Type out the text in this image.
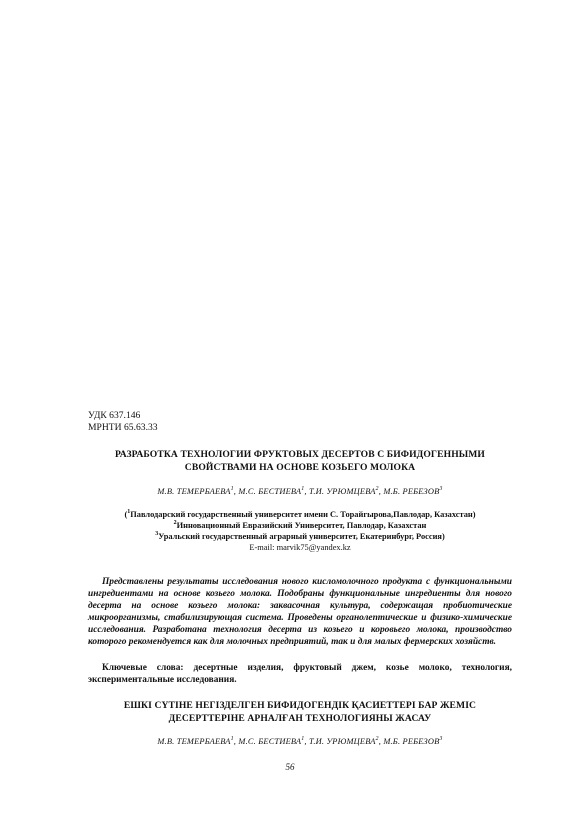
УДК 637.146
МРНТИ 65.63.33
РАЗРАБОТКА ТЕХНОЛОГИИ ФРУКТОВЫХ ДЕСЕРТОВ С БИФИДОГЕННЫМИ
СВОЙСТВАМИ НА ОСНОВЕ КОЗЬЕГО МОЛОКА
М.В. ТЕМЕРБАЕВА$^1$, М.С. БЕСТИЕВА$^1$, Т.И. УРЮМЦЕВА$^2$, М.Б. РЕБЕЗОВ$^3$
($^1$Павлодарский государственный университет имени С. Торайгырова,Павлодар, Казахстан)
$^2$Инновационный Евразийский Университет, Павлодар, Казахстан
$^3$Уральский государственный аграрный университет, Екатеринбург, Россия)
E-mail: marvik75@yandex.kz
Представлены результаты исследования нового кисломолочного продукта с функциональными ингредиентами на основе козьего молока. Подобраны функциональные ингредиенты для нового десерта на основе козьего молока: заквасочная культура, содержащая пробиотические микроорганизмы, стабилизирующая система. Проведены органолептические и физико-химические исследования. Разработана технология десерта из козьего и коровьего молока, производство которого рекомендуется как для молочных предприятий, так и для малых фермерских хозяйств.
Ключевые слова: десертные изделия, фруктовый джем, козье молоко, технология, экспериментальные исследования.
ЕШКІ СҮТІНЕ НЕГІЗДЕЛГЕН БИФИДОГЕНДІК ҚАСИЕТТЕРІ БАР ЖЕМІС
ДЕСЕРТТЕРІНЕ АРНАЛҒАН ТЕХНОЛОГИЯНЫ ЖАСАУ
М.В. ТЕМЕРБАЕВА$^1$, М.С. БЕСТИЕВА$^1$, Т.И. УРЮМЦЕВА$^2$, М.Б. РЕБЕЗОВ$^3$
56
